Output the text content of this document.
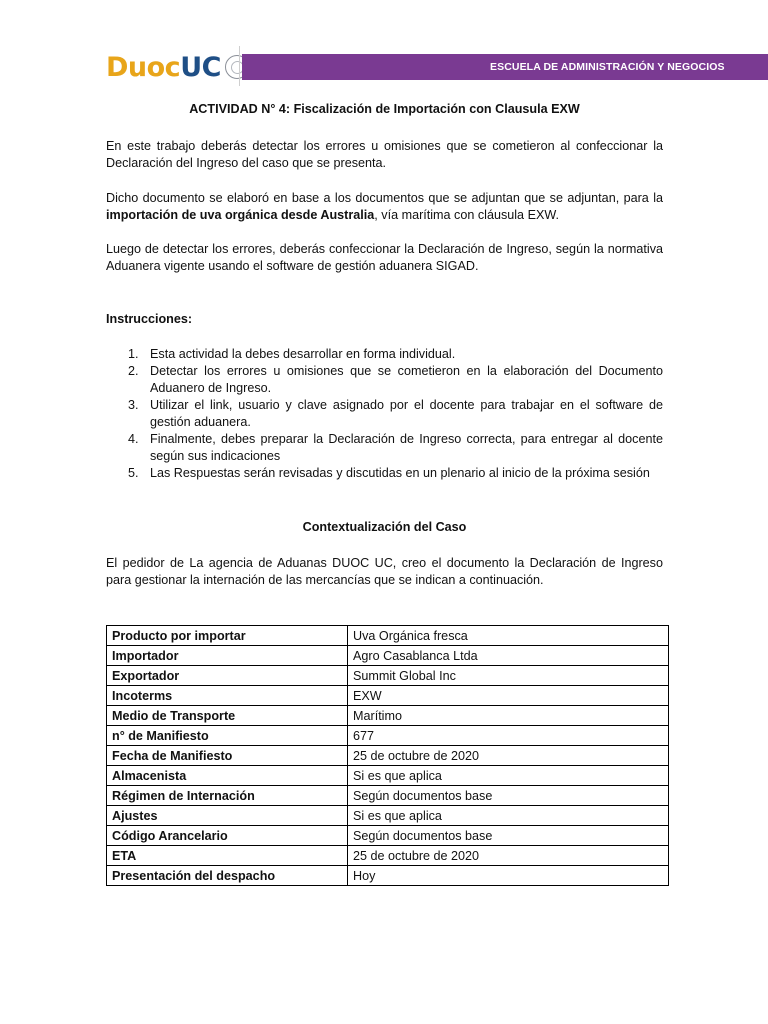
DuocUC	ESCUELA DE ADMINISTRACIÓN Y NEGOCIOS
ACTIVIDAD N° 4: Fiscalización de Importación con Clausula EXW

En este trabajo deberás detectar los errores u omisiones que se cometieron al confeccionar la Declaración del Ingreso del caso que se presenta.

Dicho documento se elaboró en base a los documentos que se adjuntan que se adjuntan, para la importación de uva orgánica desde Australia, vía marítima con cláusula EXW.

Luego de detectar los errores, deberás confeccionar la Declaración de Ingreso, según la normativa Aduanera vigente usando el software de gestión aduanera SIGAD.

Instrucciones:
1. Esta actividad la debes desarrollar en forma individual.
2. Detectar los errores u omisiones que se cometieron en la elaboración del Documento Aduanero de Ingreso.
3. Utilizar el link, usuario y clave asignado por el docente para trabajar en el software de gestión aduanera.
4. Finalmente, debes preparar la Declaración de Ingreso correcta, para entregar al docente según sus indicaciones
5. Las Respuestas serán revisadas y discutidas en un plenario al inicio de la próxima sesión
Contextualización del Caso

El pedidor de La agencia de Aduanas DUOC UC, creo el documento la Declaración de Ingreso para gestionar la internación de las mercancías que se indican a continuación.

Producto por importar	Uva Orgánica fresca
Importador	Agro Casablanca Ltda
Exportador	Summit Global Inc
Incoterms	EXW
Medio de Transporte	Marítimo
n° de Manifiesto	677
Fecha de Manifiesto	25 de octubre de 2020
Almacenista	Si es que aplica
Régimen de Internación	Según documentos base
Ajustes	Si es que aplica
Código Arancelario	Según documentos base
ETA	25 de octubre de 2020
Presentación del despacho	Hoy
